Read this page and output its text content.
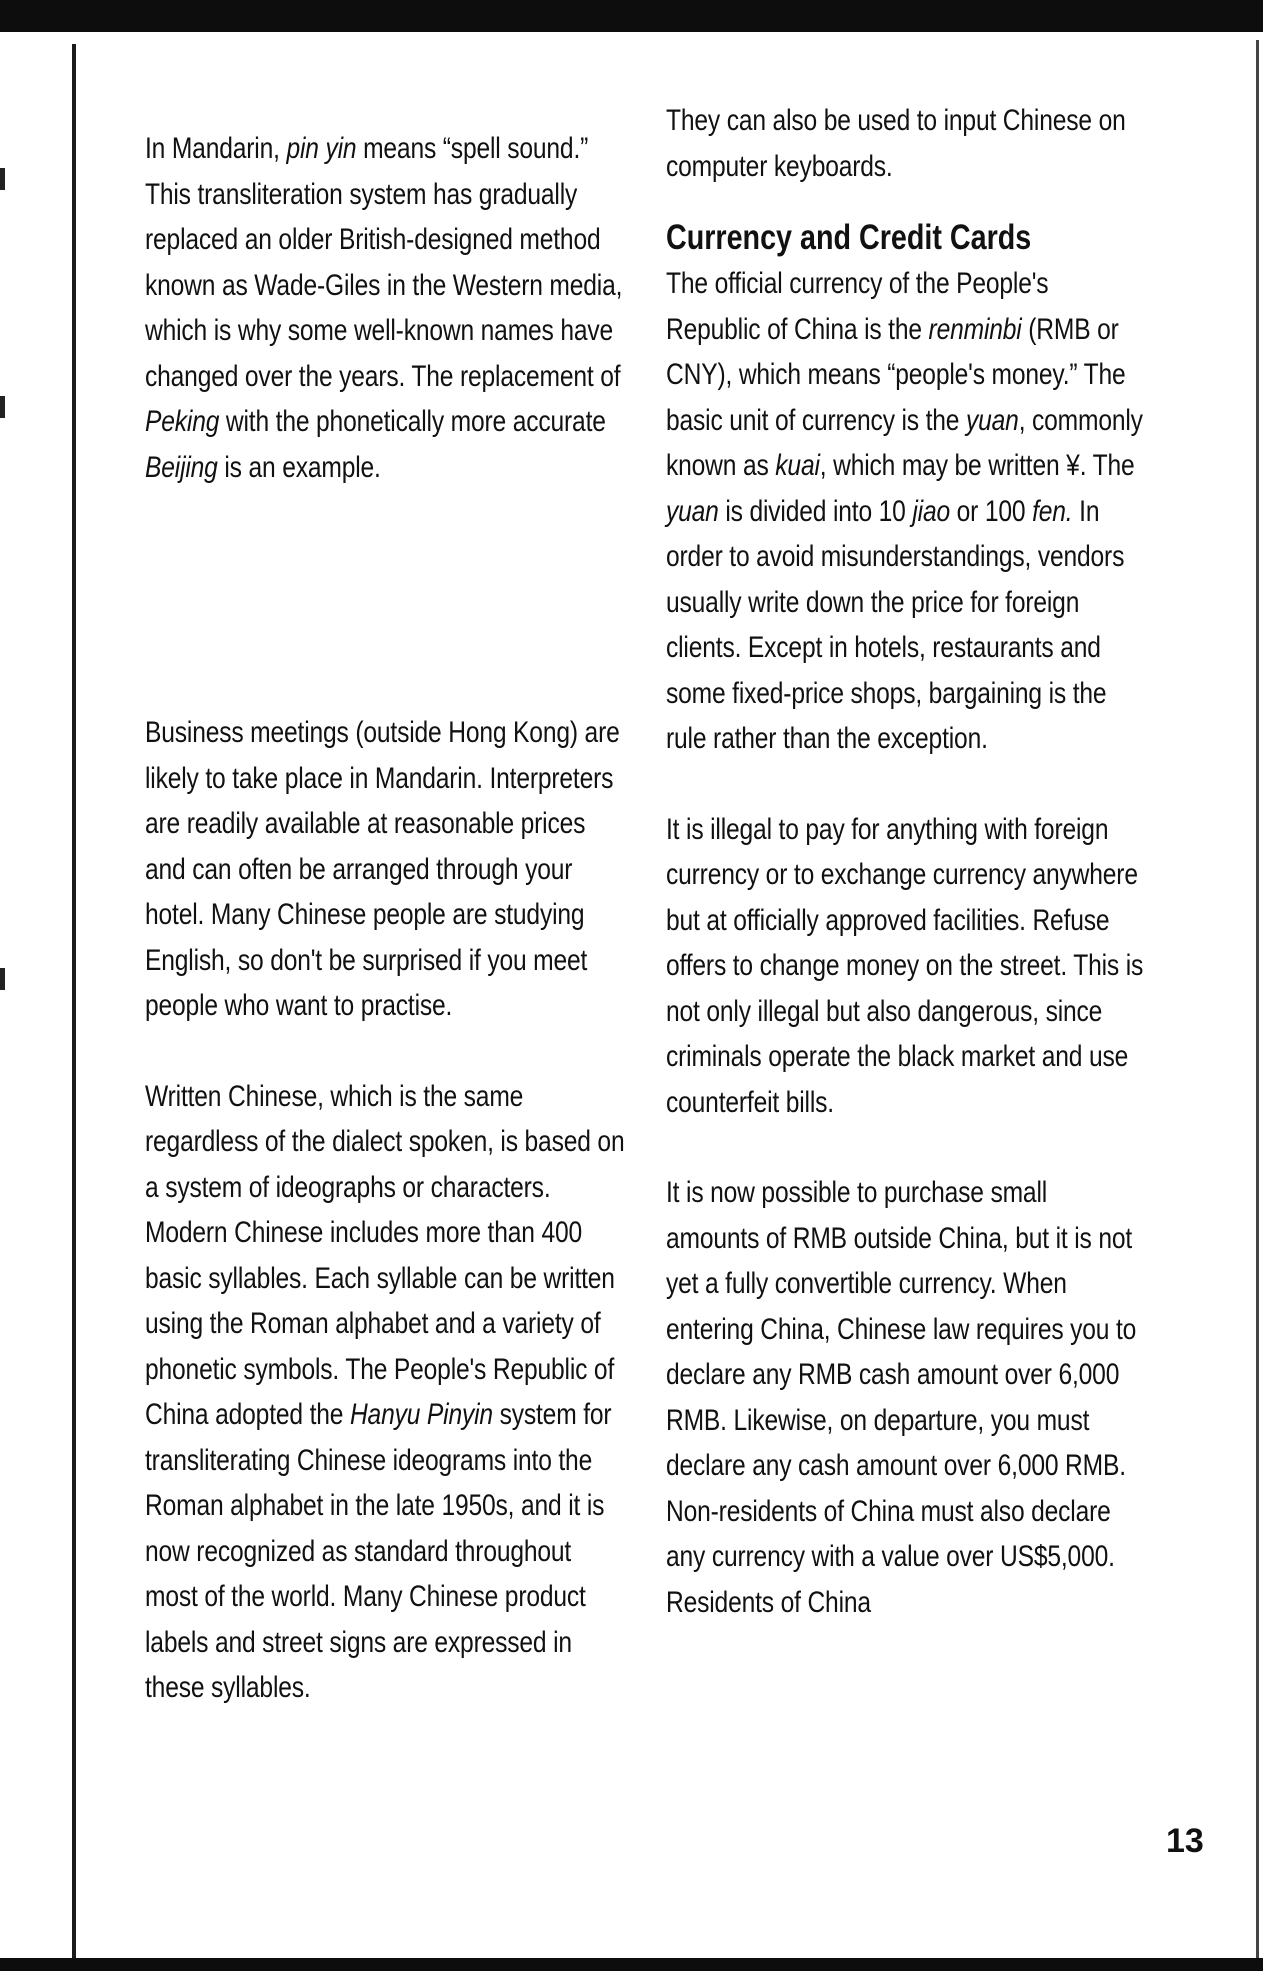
In Mandarin, pin yin means “spell sound.” This transliteration system has gradually replaced an older British-designed method known as Wade-Giles in the Western media, which is why some well-known names have changed over the years. The replacement of Peking with the phonetically more accurate Beijing is an example.

Business meetings (outside Hong Kong) are likely to take place in Mandarin. Interpreters are readily available at reasonable prices and can often be arranged through your hotel. Many Chinese people are studying English, so don't be surprised if you meet people who want to practise.

Written Chinese, which is the same regardless of the dialect spoken, is based on a system of ideographs or characters. Modern Chinese includes more than 400 basic syllables. Each syllable can be written using the Roman alphabet and a variety of phonetic symbols. The People's Republic of China adopted the Hanyu Pinyin system for transliterating Chinese ideograms into the Roman alphabet in the late 1950s, and it is now recognized as standard throughout most of the world. Many Chinese product labels and street signs are expressed in these syllables.

They can also be used to input Chinese on computer keyboards.

Currency and Credit Cards

The official currency of the People's Republic of China is the renminbi (RMB or CNY), which means “people's money.” The basic unit of currency is the yuan, commonly known as kuai, which may be written ¥. The yuan is divided into 10 jiao or 100 fen. In order to avoid misunderstandings, vendors usually write down the price for foreign clients. Except in hotels, restaurants and some fixed-price shops, bargaining is the rule rather than the exception.

It is illegal to pay for anything with foreign currency or to exchange currency anywhere but at officially approved facilities. Refuse offers to change money on the street. This is not only illegal but also dangerous, since criminals operate the black market and use counterfeit bills.

It is now possible to purchase small amounts of RMB outside China, but it is not yet a fully convertible currency. When entering China, Chinese law requires you to declare any RMB cash amount over 6,000 RMB. Likewise, on departure, you must declare any cash amount over 6,000 RMB. Non-residents of China must also declare any currency with a value over US$5,000. Residents of China

13
